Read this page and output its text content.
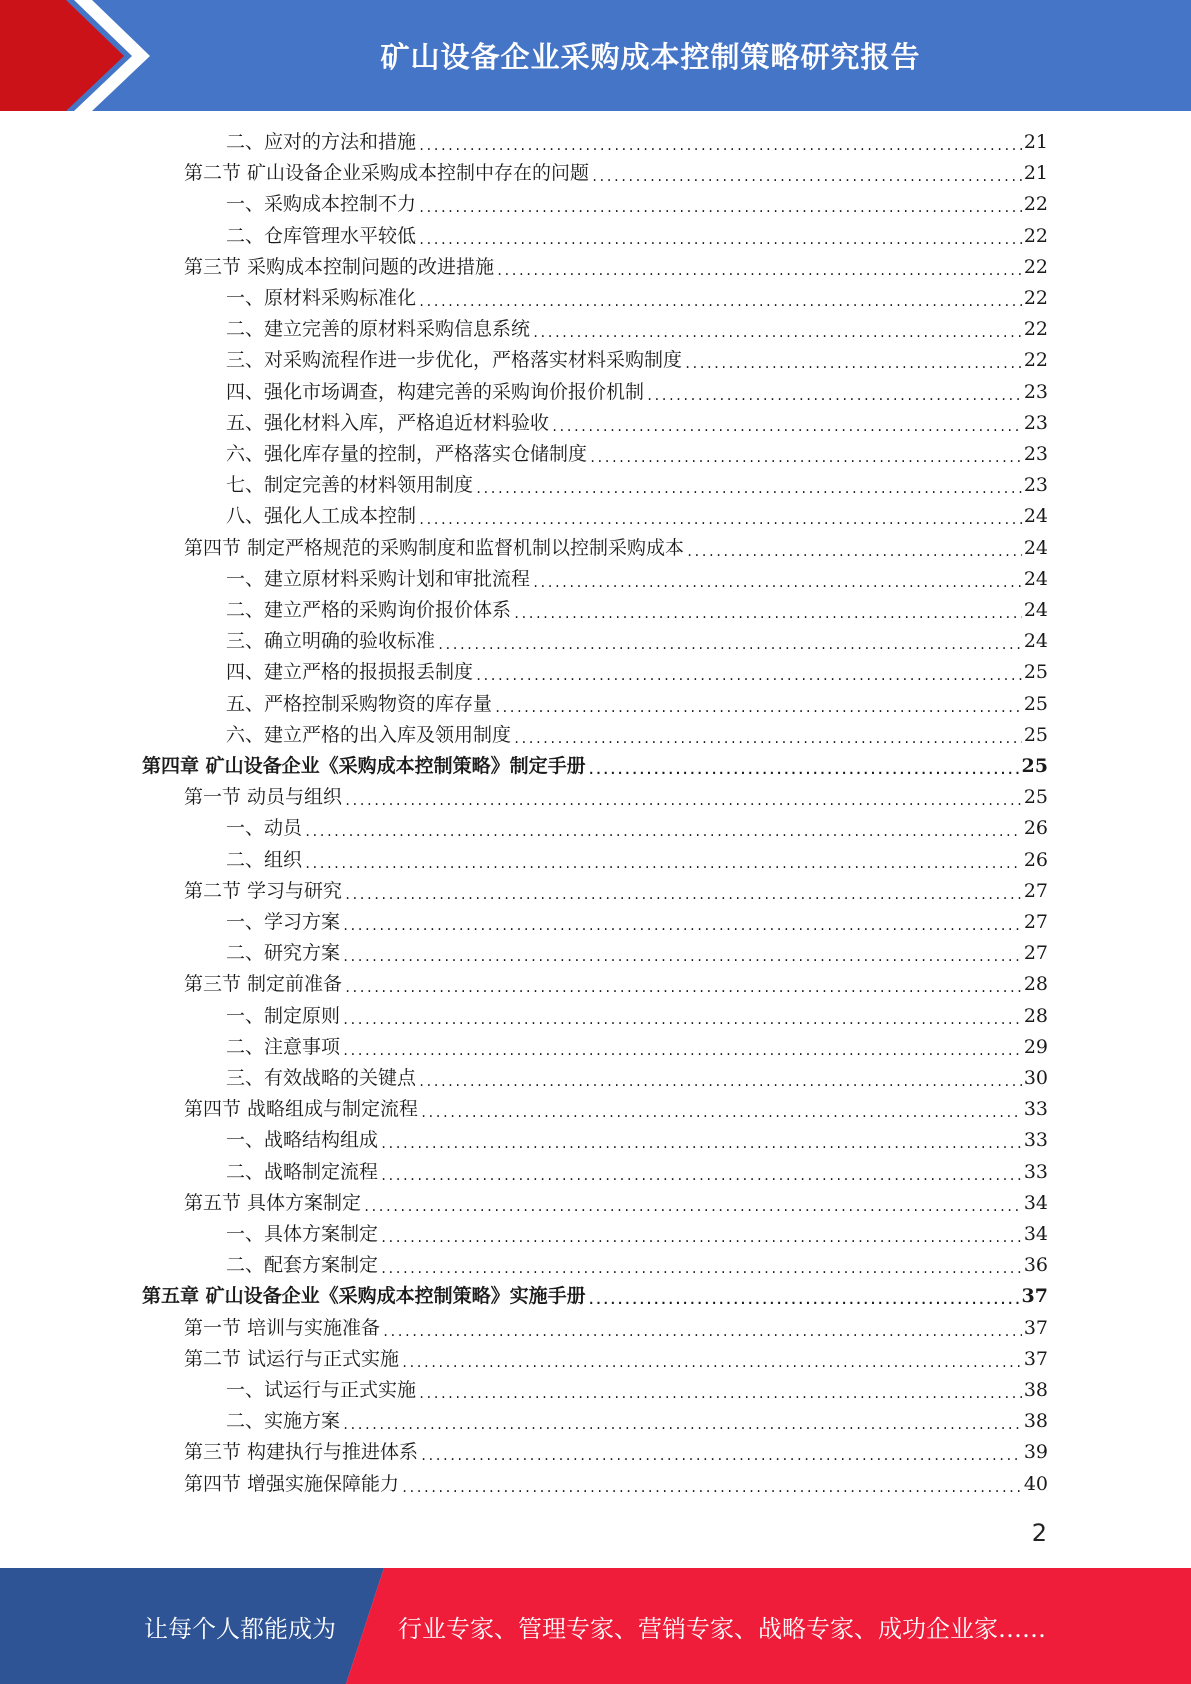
矿山设备企业采购成本控制策略研究报告
二、应对的方法和措施 .....	21
第二节 矿山设备企业采购成本控制中存在的问题 .....	21
一、采购成本控制不力 .....	22
二、仓库管理水平较低 .....	22
第三节 采购成本控制问题的改进措施 .....	22
一、原材料采购标准化 .....	22
二、建立完善的原材料采购信息系统 .....	22
三、对采购流程作进一步优化，严格落实材料采购制度 .....	22
四、强化市场调查，构建完善的采购询价报价机制 .....	23
五、强化材料入库，严格追近材料验收 .....	23
六、强化库存量的控制，严格落实仓储制度 .....	23
七、制定完善的材料领用制度 .....	23
八、强化人工成本控制 .....	24
第四节 制定严格规范的采购制度和监督机制以控制采购成本 .....	24
一、建立原材料采购计划和审批流程 .....	24
二、建立严格的采购询价报价体系 .....	24
三、确立明确的验收标准 .....	24
四、建立严格的报损报丢制度 .....	25
五、严格控制采购物资的库存量 .....	25
六、建立严格的出入库及领用制度 .....	25
第四章 矿山设备企业《采购成本控制策略》制定手册 .....	25
第一节 动员与组织 .....	25
一、动员 .....	26
二、组织 .....	26
第二节 学习与研究 .....	27
一、学习方案 .....	27
二、研究方案 .....	27
第三节 制定前准备 .....	28
一、制定原则 .....	28
二、注意事项 .....	29
三、有效战略的关键点 .....	30
第四节 战略组成与制定流程 .....	33
一、战略结构组成 .....	33
二、战略制定流程 .....	33
第五节 具体方案制定 .....	34
一、具体方案制定 .....	34
二、配套方案制定 .....	36
第五章 矿山设备企业《采购成本控制策略》实施手册 .....	37
第一节 培训与实施准备 .....	37
第二节 试运行与正式实施 .....	37
一、试运行与正式实施 .....	38
二、实施方案 .....	38
第三节 构建执行与推进体系 .....	39
第四节 增强实施保障能力 .....	40
2
让每个人都能成为	行业专家、管理专家、营销专家、战略专家、成功企业家……
